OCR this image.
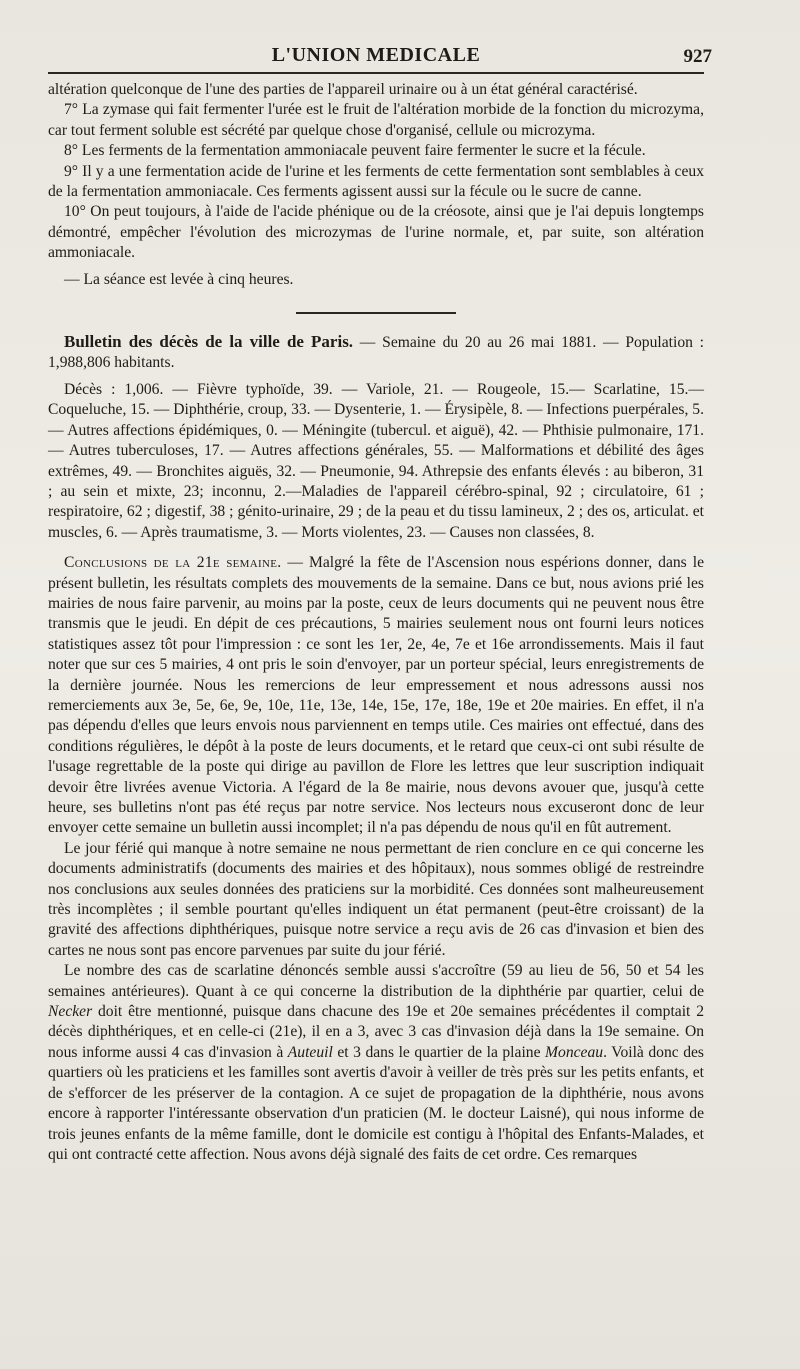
L'UNION MEDICALE	927

altération quelconque de l'une des parties de l'appareil urinaire ou à un état général caractérisé.

7° La zymase qui fait fermenter l'urée est le fruit de l'altération morbide de la fonction du microzyma, car tout ferment soluble est sécrété par quelque chose d'organisé, cellule ou microzyma.

8° Les ferments de la fermentation ammoniacale peuvent faire fermenter le sucre et la fécule.

9° Il y a une fermentation acide de l'urine et les ferments de cette fermentation sont semblables à ceux de la fermentation ammoniacale. Ces ferments agissent aussi sur la fécule ou le sucre de canne.

10° On peut toujours, à l'aide de l'acide phénique ou de la créosote, ainsi que je l'ai depuis longtemps démontré, empêcher l'évolution des microzymas de l'urine normale, et, par suite, son altération ammoniacale.

— La séance est levée à cinq heures.

Bulletin des décès de la ville de Paris. — Semaine du 20 au 26 mai 1881. — Population : 1,988,806 habitants.

Décès : 1,006. — Fièvre typhoïde, 39. — Variole, 21. — Rougeole, 15.— Scarlatine, 15.— Coqueluche, 15. — Diphthérie, croup, 33. — Dysenterie, 1. — Érysipèle, 8. — Infections puerpérales, 5. — Autres affections épidémiques, 0. — Méningite (tubercul. et aiguë), 42. — Phthisie pulmonaire, 171. — Autres tuberculoses, 17. — Autres affections générales, 55. — Malformations et débilité des âges extrêmes, 49. — Bronchites aiguës, 32. — Pneumonie, 94. Athrepsie des enfants élevés : au biberon, 31 ; au sein et mixte, 23; inconnu, 2.—Maladies de l'appareil cérébro-spinal, 92 ; circulatoire, 61 ; respiratoire, 62 ; digestif, 38 ; génito-urinaire, 29 ; de la peau et du tissu lamineux, 2 ; des os, articulat. et muscles, 6. — Après traumatisme, 3. — Morts violentes, 23. — Causes non classées, 8.

Conclusions de la 21e semaine. — Malgré la fête de l'Ascension nous espérions donner, dans le présent bulletin, les résultats complets des mouvements de la semaine. Dans ce but, nous avions prié les mairies de nous faire parvenir, au moins par la poste, ceux de leurs documents qui ne peuvent nous être transmis que le jeudi. En dépit de ces précautions, 5 mairies seulement nous ont fourni leurs notices statistiques assez tôt pour l'impression : ce sont les 1er, 2e, 4e, 7e et 16e arrondissements. Mais il faut noter que sur ces 5 mairies, 4 ont pris le soin d'envoyer, par un porteur spécial, leurs enregistrements de la dernière journée. Nous les remercions de leur empressement et nous adressons aussi nos remerciements aux 3e, 5e, 6e, 9e, 10e, 11e, 13e, 14e, 15e, 17e, 18e, 19e et 20e mairies. En effet, il n'a pas dépendu d'elles que leurs envois nous parviennent en temps utile. Ces mairies ont effectué, dans des conditions régulières, le dépôt à la poste de leurs documents, et le retard que ceux-ci ont subi résulte de l'usage regrettable de la poste qui dirige au pavillon de Flore les lettres que leur suscription indiquait devoir être livrées avenue Victoria. A l'égard de la 8e mairie, nous devons avouer que, jusqu'à cette heure, ses bulletins n'ont pas été reçus par notre service. Nos lecteurs nous excuseront donc de leur envoyer cette semaine un bulletin aussi incomplet; il n'a pas dépendu de nous qu'il en fût autrement.

Le jour férié qui manque à notre semaine ne nous permettant de rien conclure en ce qui concerne les documents administratifs (documents des mairies et des hôpitaux), nous sommes obligé de restreindre nos conclusions aux seules données des praticiens sur la morbidité. Ces données sont malheureusement très incomplètes ; il semble pourtant qu'elles indiquent un état permanent (peut-être croissant) de la gravité des affections diphthériques, puisque notre service a reçu avis de 26 cas d'invasion et bien des cartes ne nous sont pas encore parvenues par suite du jour férié.

Le nombre des cas de scarlatine dénoncés semble aussi s'accroître (59 au lieu de 56, 50 et 54 les semaines antérieures). Quant à ce qui concerne la distribution de la diphthérie par quartier, celui de Necker doit être mentionné, puisque dans chacune des 19e et 20e semaines précédentes il comptait 2 décès diphthériques, et en celle-ci (21e), il en a 3, avec 3 cas d'invasion déjà dans la 19e semaine. On nous informe aussi 4 cas d'invasion à Auteuil et 3 dans le quartier de la plaine Monceau. Voilà donc des quartiers où les praticiens et les familles sont avertis d'avoir à veiller de très près sur les petits enfants, et de s'efforcer de les préserver de la contagion. A ce sujet de propagation de la diphthérie, nous avons encore à rapporter l'intéressante observation d'un praticien (M. le docteur Laisné), qui nous informe de trois jeunes enfants de la même famille, dont le domicile est contigu à l'hôpital des Enfants-Malades, et qui ont contracté cette affection. Nous avons déjà signalé des faits de cet ordre. Ces remarques
